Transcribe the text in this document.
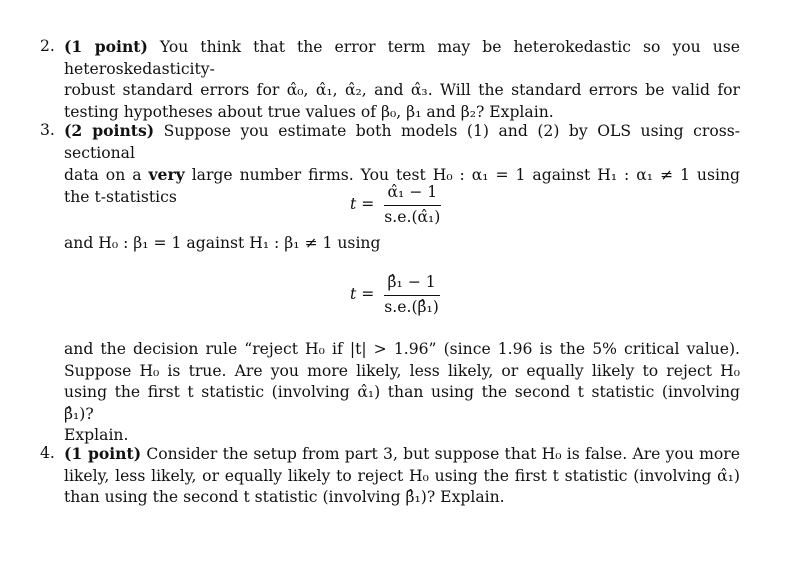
2. (1 point) You think that the error term may be heterokedastic so you use heteroskedasticity-
robust standard errors for α̂₀, α̂₁, α̂₂, and α̂₃. Will the standard errors be valid for
testing hypotheses about true values of β₀, β₁ and β₂? Explain.
3. (2 points) Suppose you estimate both models (1) and (2) by OLS using cross-sectional
data on a very large number firms. You test H₀ : α₁ = 1 against H₁ : α₁ ≠ 1 using
the t-statistics	$t = \frac{\text{α̂₁ − 1}}{\text{s.e.(α̂₁)}}$
and H₀ : β₁ = 1 against H₁ : β₁ ≠ 1 using
$t = \frac{\text{β̂₁ − 1}}{\text{s.e.(β̂₁)}}$
and the decision rule “reject H₀ if |t| > 1.96” (since 1.96 is the 5% critical value).
Suppose H₀ is true. Are you more likely, less likely, or equally likely to reject H₀
using the first t statistic (involving α̂₁) than using the second t statistic (involving β̂₁)?
Explain.
4. (1 point) Consider the setup from part 3, but suppose that H₀ is false. Are you more
likely, less likely, or equally likely to reject H₀ using the first t statistic (involving α̂₁)
than using the second t statistic (involving β̂₁)? Explain.
